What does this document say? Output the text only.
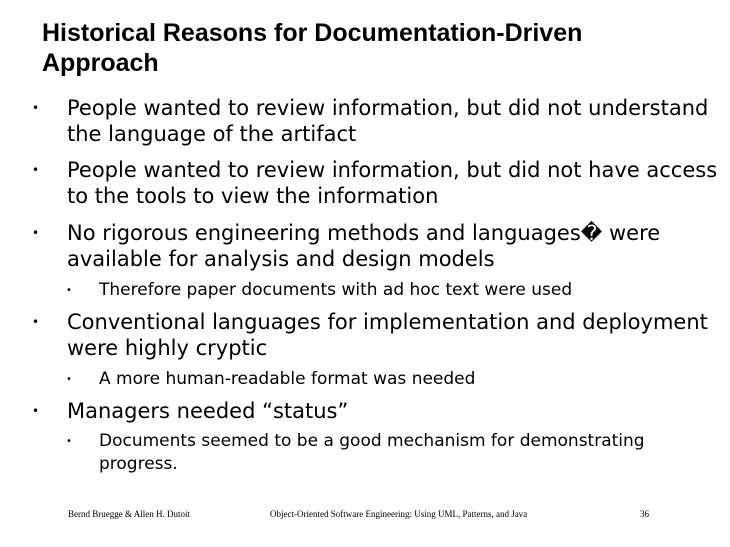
Historical Reasons for Documentation-Driven Approach
• People wanted to review information, but did not understand the language of the artifact
• People wanted to review information, but did not have access to the tools to view the information
• No rigorous engineering methods and languages� were available for analysis and design models
• Therefore paper documents with ad hoc text were used
• Conventional languages for implementation and deployment were highly cryptic
• A more human-readable format was needed
• Managers needed “status”
• Documents seemed to be a good mechanism for demonstrating progress.
Bernd Bruegge & Allen H. Dutoit	Object-Oriented Software Engineering: Using UML, Patterns, and Java	36
